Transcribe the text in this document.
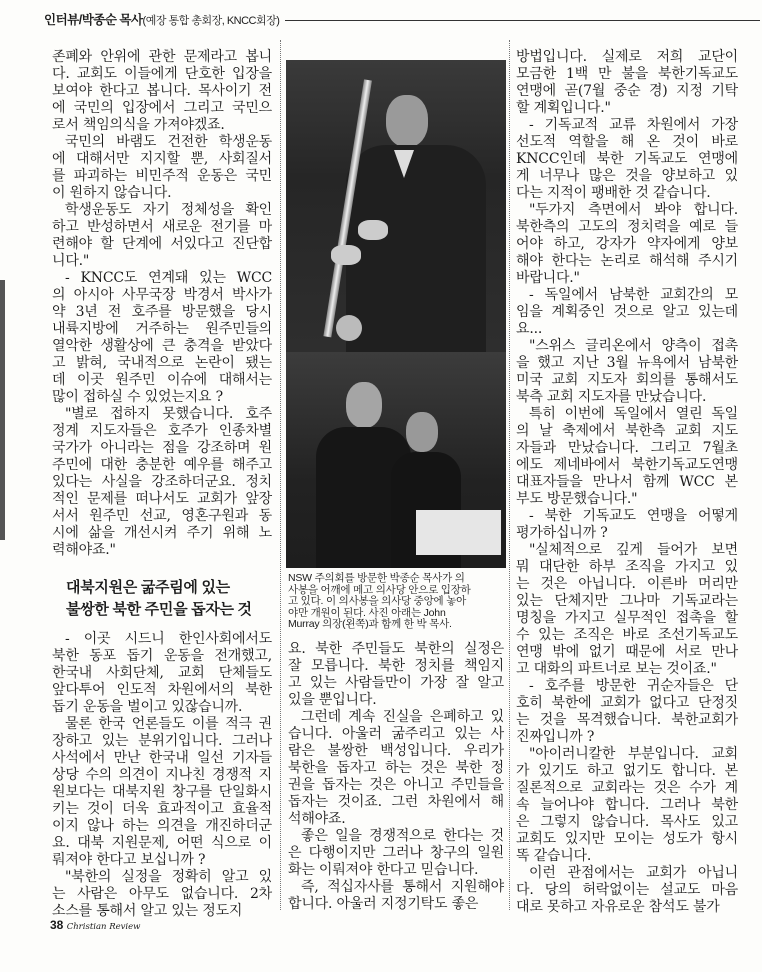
인터뷰/박종순 목사(예장 통합 총회장, KNCC회장)
존폐와 안위에 관한 문제라고 봅니
다. 교회도 이들에게 단호한 입장을
보여야 한다고 봅니다. 목사이기 전
에 국민의 입장에서 그리고 국민으
로서 책임의식을 가져야겠죠.
국민의 바램도 건전한 학생운동
에 대해서만 지지할 뿐, 사회질서
를 파괴하는 비민주적 운동은 국민
이 원하지 않습니다.
학생운동도 자기 정체성을 확인
하고 반성하면서 새로운 전기를 마
련해야 할 단계에 서있다고 진단합
니다."
- KNCC도 연계돼 있는 WCC
의 아시아 사무국장 박경서 박사가
약 3년 전 호주를 방문했을 당시
내륙지방에 거주하는 원주민들의
열악한 생활상에 큰 충격을 받았다
고 밝혀, 국내적으로 논란이 됐는
데 이곳 원주민 이슈에 대해서는
많이 접하실 수 있었는지요 ?
"별로 접하지 못했습니다. 호주
정계 지도자들은 호주가 인종차별
국가가 아니라는 점을 강조하며 원
주민에 대한 충분한 예우를 해주고
있다는 사실을 강조하더군요. 정치
적인 문제를 떠나서도 교회가 앞장
서서 원주민 선교, 영혼구원과 동
시에 삶을 개선시켜 주기 위해 노
력해야죠."
대북지원은 굶주림에 있는
불쌍한 북한 주민을 돕자는 것
- 이곳 시드니 한인사회에서도
북한 동포 돕기 운동을 전개했고,
한국내 사회단체, 교회 단체들도
앞다투어 인도적 차원에서의 북한
돕기 운동을 벌이고 있잖습니까.
물론 한국 언론들도 이를 적극 권
장하고 있는 분위기입니다. 그러나
사석에서 만난 한국내 일선 기자들
상당 수의 의견이 지나친 경쟁적 지
원보다는 대북지원 창구를 단일화시
키는 것이 더욱 효과적이고 효율적
이지 않나 하는 의견을 개진하더군
요. 대북 지원문제, 어떤 식으로 이
뤄져야 한다고 보십니까 ?
"북한의 실정을 정확히 알고 있
는 사람은 아무도 없습니다. 2차
소스를 통해서 알고 있는 정도지
NSW 주의회를 방문한 박종순 목사가 의
사봉을 어깨에 메고 의사당 안으로 입장하
고 있다. 이 의사봉을 의사당 중앙에 놓아
야만 개원이 된다. 사진 아래는 John
Murray 의장(왼쪽)과 함께 한 박 목사.
요. 북한 주민들도 북한의 실정은
잘 모릅니다. 북한 정치를 책임지
고 있는 사람들만이 가장 잘 알고
있을 뿐입니다.
그런데 계속 진실을 은폐하고 있
습니다. 아울러 굶주리고 있는 사
람은 불쌍한 백성입니다. 우리가
북한을 돕자고 하는 것은 북한 정
권을 돕자는 것은 아니고 주민들을
돕자는 것이죠. 그런 차원에서 해
석해야죠.
좋은 일을 경쟁적으로 한다는 것
은 다행이지만 그러나 창구의 일원
화는 이뤄져야 한다고 믿습니다.
즉, 적십자사를 통해서 지원해야
합니다. 아울러 지정기탁도 좋은
방법입니다. 실제로 저희 교단이
모금한 1백 만 불을 북한기독교도
연맹에 곧(7월 중순 경) 지정 기탁
할 계획입니다."
- 기독교적 교류 차원에서 가장
선도적 역할을 해 온 것이 바로
KNCC인데 북한 기독교도 연맹에
게 너무나 많은 것을 양보하고 있
다는 지적이 팽배한 것 같습니다.
"두가지 측면에서 봐야 합니다.
북한측의 고도의 정치력을 예로 들
어야 하고, 강자가 약자에게 양보
해야 한다는 논리로 해석해 주시기
바랍니다."
- 독일에서 남북한 교회간의 모
임을 계획중인 것으로 알고 있는데
요...
"스위스 글리온에서 양측이 접촉
을 했고 지난 3월 뉴욕에서 남북한
미국 교회 지도자 회의를 통해서도
북측 교회 지도자를 만났습니다.
특히 이번에 독일에서 열린 독일
의 날 축제에서 북한측 교회 지도
자들과 만났습니다. 그리고 7월초
에도 제네바에서 북한기독교도연맹
대표자들을 만나서 함께 WCC 본
부도 방문했습니다."
- 북한 기독교도 연맹을 어떻게
평가하십니까 ?
"실체적으로 깊게 들어가 보면
뭐 대단한 하부 조직을 가지고 있
는 것은 아닙니다. 이른바 머리만
있는 단체지만 그나마 기독교라는
명칭을 가지고 실무적인 접촉을 할
수 있는 조직은 바로 조선기독교도
연맹 밖에 없기 때문에 서로 만나
고 대화의 파트너로 보는 것이죠."
- 호주를 방문한 귀순자들은 단
호히 북한에 교회가 없다고 단정짓
는 것을 목격했습니다. 북한교회가
진짜입니까 ?
"아이러니칼한 부분입니다. 교회
가 있기도 하고 없기도 합니다. 본
질론적으로 교회라는 것은 수가 계
속 늘어나야 합니다. 그러나 북한
은 그렇지 않습니다. 목사도 있고
교회도 있지만 모이는 성도가 항시
똑 같습니다.
이런 관점에서는 교회가 아닙니
다. 당의 허락없이는 설교도 마음
대로 못하고 자유로운 참석도 불가
38 Christian Review
